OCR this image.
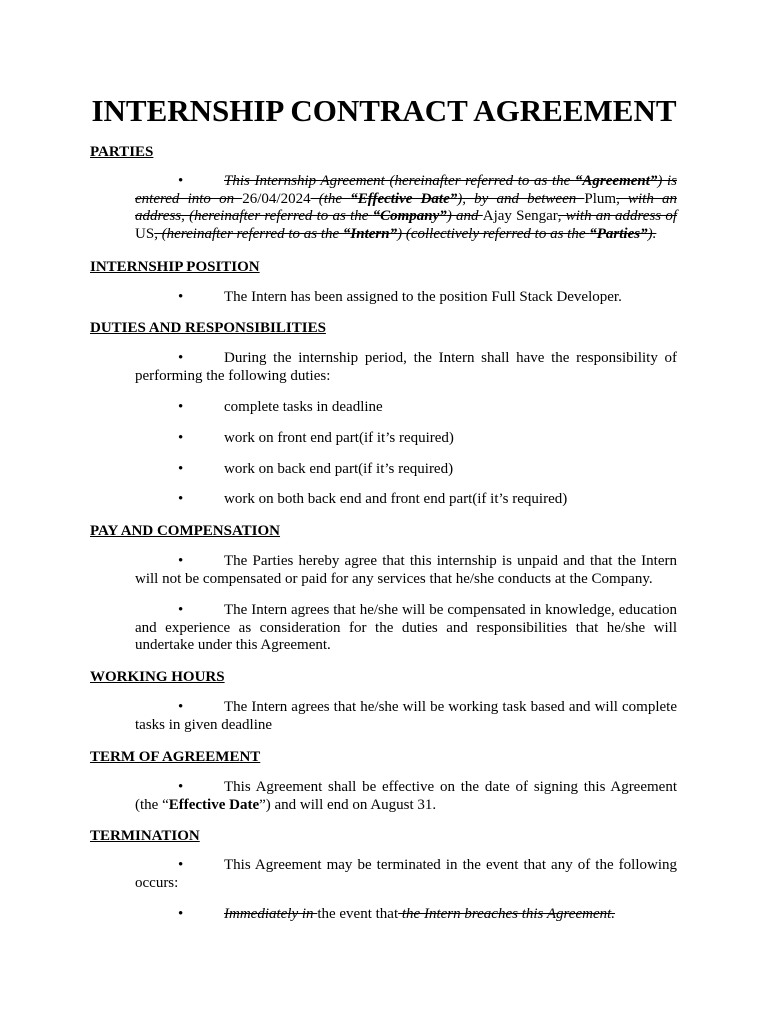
INTERNSHIP CONTRACT AGREEMENT
PARTIES
•	This Internship Agreement (hereinafter referred to as the “Agreement”) is entered into on 26/04/2024 (the “Effective Date”), by and between Plum, with an address, (hereinafter referred to as the “Company”) and Ajay Sengar, with an address of US, (hereinafter referred to as the “Intern”) (collectively referred to as the “Parties”).

INTERNSHIP POSITION
•	The Intern has been assigned to the position Full Stack Developer.

DUTIES AND RESPONSIBILITIES
•	During the internship period, the Intern shall have the responsibility of performing the following duties:

•	complete tasks in deadline

•	work on front end part(if it’s required)

•	work on back end part(if it’s required)

•	work on both back end and front end part(if it’s required)

PAY AND COMPENSATION
•	The Parties hereby agree that this internship is unpaid and that the Intern will not be compensated or paid for any services that he/she conducts at the Company.

•	The Intern agrees that he/she will be compensated in knowledge, education and experience as consideration for the duties and responsibilities that he/she will undertake under this Agreement.

WORKING HOURS
•	The Intern agrees that he/she will be working task based and will complete tasks in given deadline

TERM OF AGREEMENT
•	This Agreement shall be effective on the date of signing this Agreement (the “Effective Date”) and will end on August 31.

TERMINATION
•	This Agreement may be terminated in the event that any of the following occurs:

•	Immediately in the event that the Intern breaches this Agreement.
